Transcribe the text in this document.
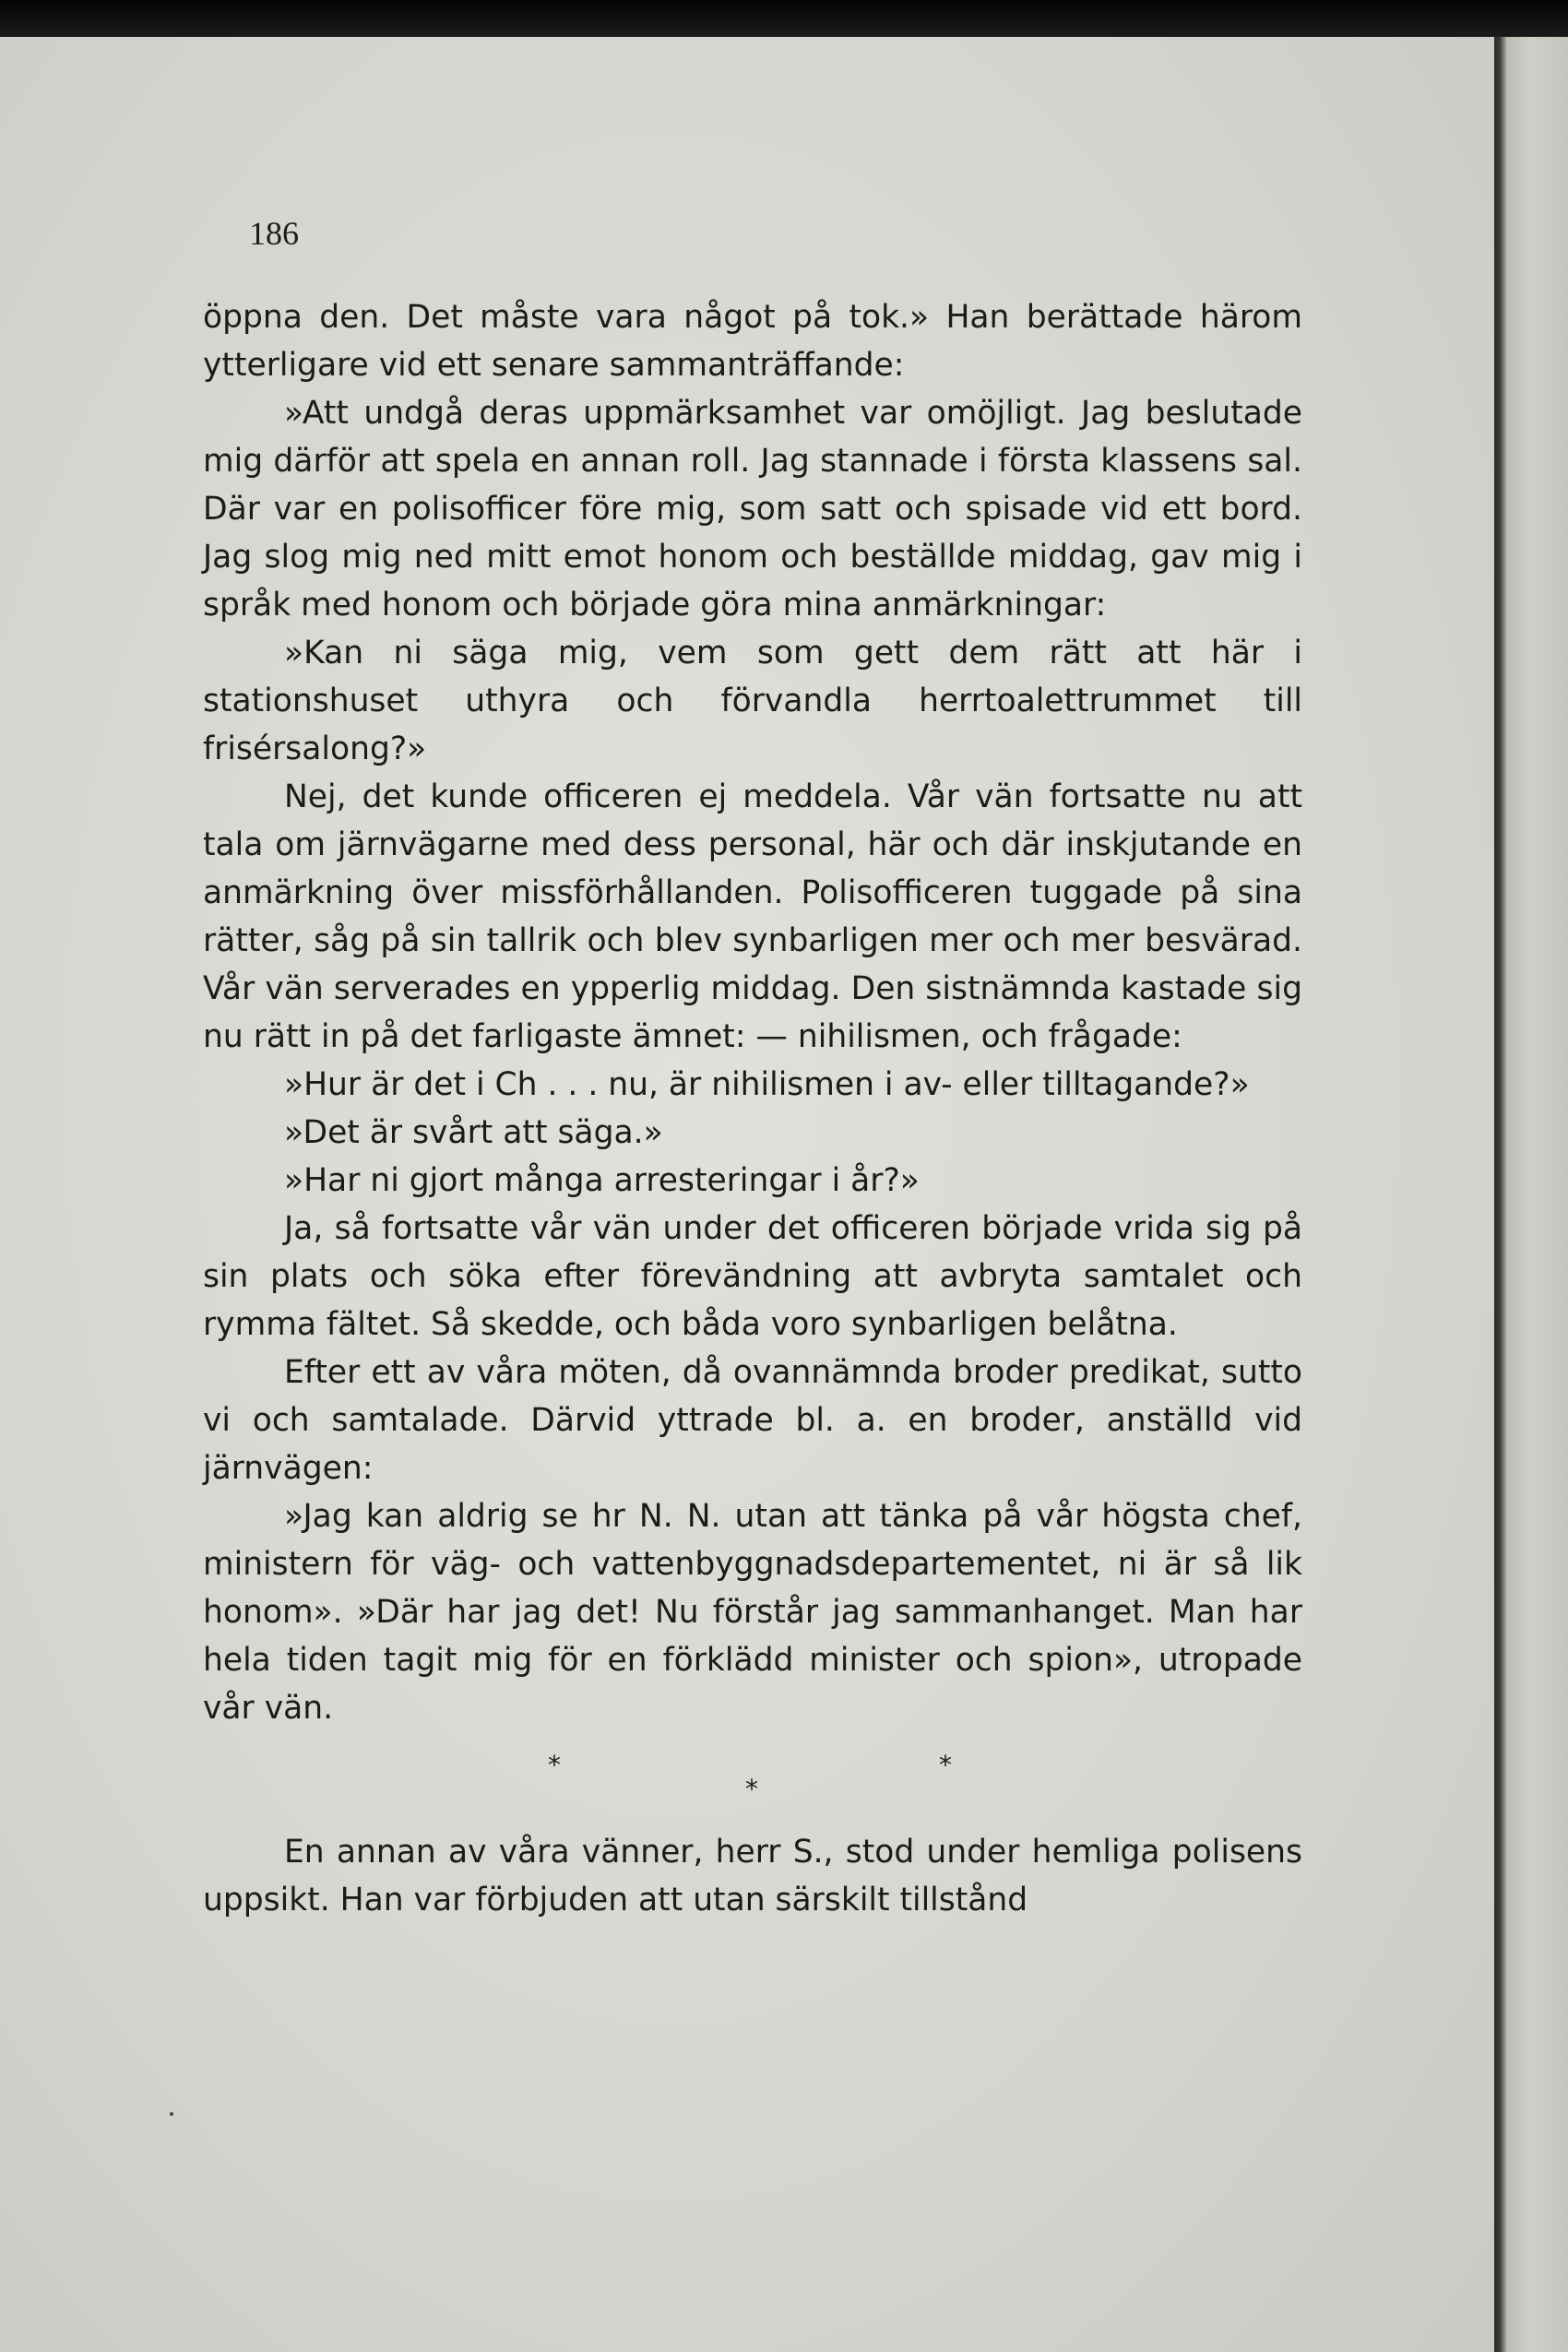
186

öppna den. Det måste vara något på tok.» Han berättade härom ytterligare vid ett senare sammanträffande:

»Att undgå deras uppmärksamhet var omöjligt. Jag beslutade mig därför att spela en annan roll. Jag stannade i första klassens sal. Där var en polisofficer före mig, som satt och spisade vid ett bord. Jag slog mig ned mitt emot honom och beställde middag, gav mig i språk med honom och började göra mina anmärkningar:

»Kan ni säga mig, vem som gett dem rätt att här i stationshuset uthyra och förvandla herrtoalettrummet till frisérsalong?»

Nej, det kunde officeren ej meddela. Vår vän fortsatte nu att tala om järnvägarne med dess personal, här och där inskjutande en anmärkning över missförhållanden. Polisofficeren tuggade på sina rätter, såg på sin tallrik och blev synbarligen mer och mer besvärad. Vår vän serverades en ypperlig middag. Den sistnämnda kastade sig nu rätt in på det farligaste ämnet: — nihilismen, och frågade:

»Hur är det i Ch . . . nu, är nihilismen i av- eller tilltagande?»

»Det är svårt att säga.»

»Har ni gjort många arresteringar i år?»

Ja, så fortsatte vår vän under det officeren började vrida sig på sin plats och söka efter förevändning att avbryta samtalet och rymma fältet. Så skedde, och båda voro synbarligen belåtna.

Efter ett av våra möten, då ovannämnda broder predikat, sutto vi och samtalade. Därvid yttrade bl. a. en broder, anställd vid järnvägen:

»Jag kan aldrig se hr N. N. utan att tänka på vår högsta chef, ministern för väg- och vattenbyggnadsdepartementet, ni är så lik honom». »Där har jag det! Nu förstår jag sammanhanget. Man har hela tiden tagit mig för en förklädd minister och spion», utropade vår vän.

*
*
*

En annan av våra vänner, herr S., stod under hemliga polisens uppsikt. Han var förbjuden att utan särskilt tillstånd
